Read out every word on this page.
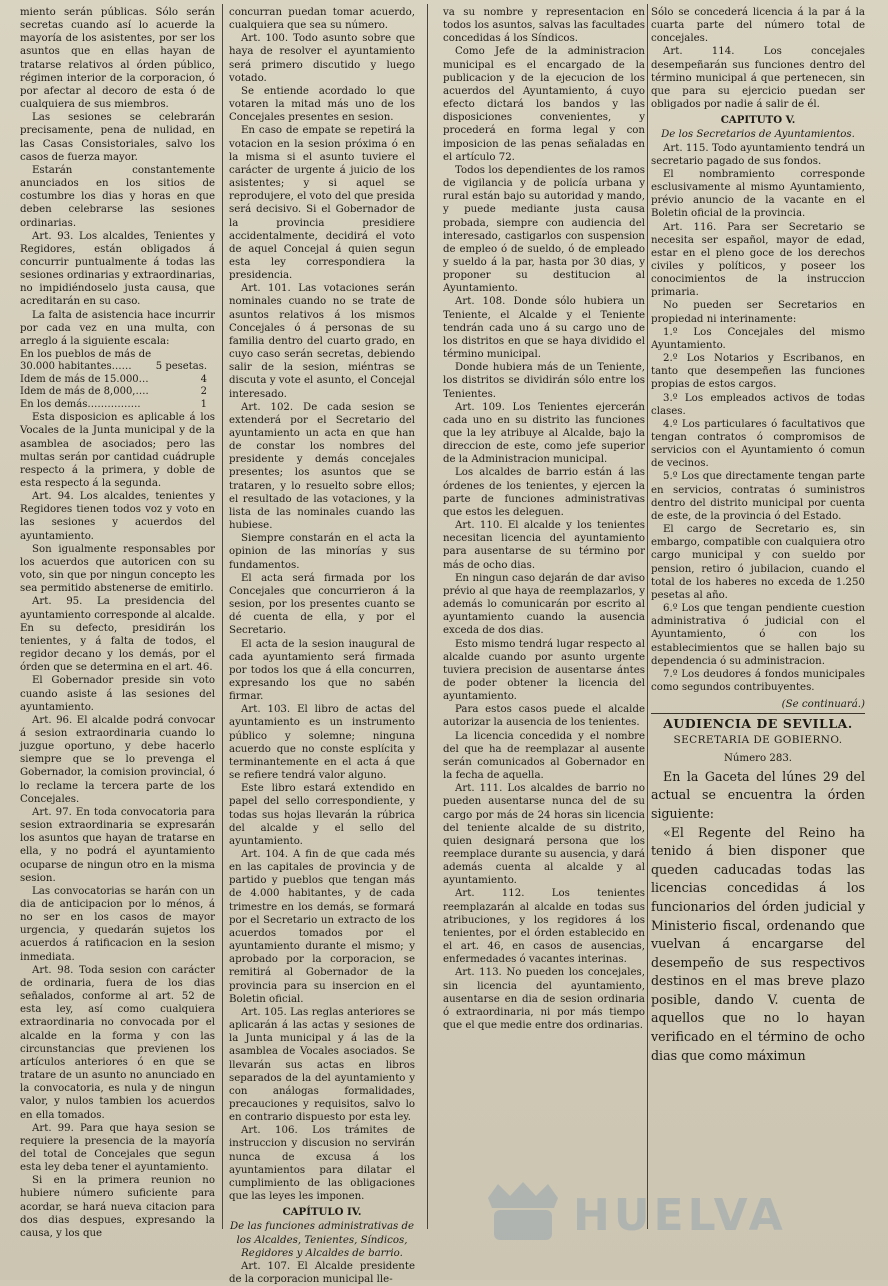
miento serán públicas. Sólo serán secretas cuando así lo acuerde la mayoría de los asistentes, por ser los asuntos que en ellas hayan de tratarse relativos al órden público, régimen interior de la corporacion, ó por afectar al decoro de esta ó de cualquiera de sus miembros.

Las sesiones se celebrarán precisamente, pena de nulidad, en las Casas Consistoriales, salvo los casos de fuerza mayor.

Estarán constantemente anunciados en los sitios de costumbre los dias y horas en que deben celebrarse las sesiones ordinarias.

Art. 93. Los alcaldes, Tenientes y Regidores, están obligados á concurrir puntualmente á todas las sesiones ordinarias y extraordinarias, no impidiéndoselo justa causa, que acreditarán en su caso.

La falta de asistencia hace incurrir por cada vez en una multa, con arreglo á la siguiente escala:

En los pueblos de más de

30.000 habitantes……	5 pesetas.
Idem de más de 15.000…	4
Idem de más de 8,000,….	2
En los demás…………….	1

Esta disposicion es aplicable á los Vocales de la Junta municipal y de la asamblea de asociados; pero las multas serán por cantidad cuádruple respecto á la primera, y doble de esta respecto á la segunda.

Art. 94. Los alcaldes, tenientes y Regidores tienen todos voz y voto en las sesiones y acuerdos del ayuntamiento.

Son igualmente responsables por los acuerdos que autoricen con su voto, sin que por ningun concepto les sea permitido abstenerse de emitirlo.

Art. 95. La presidencia del ayuntamiento corresponde al alcalde. En su defecto, presidirán los tenientes, y á falta de todos, el regidor decano y los demás, por el órden que se determina en el art. 46.

El Gobernador preside sin voto cuando asiste á las sesiones del ayuntamiento.

Art. 96. El alcalde podrá convocar á sesion extraordinaria cuando lo juzgue oportuno, y debe hacerlo siempre que se lo prevenga el Gobernador, la comision provincial, ó lo reclame la tercera parte de los Concejales.

Art. 97. En toda convocatoria para sesion extraordinaria se expresarán los asuntos que hayan de tratarse en ella, y no podrá el ayuntamiento ocuparse de ningun otro en la misma sesion.

Las convocatorias se harán con un dia de anticipacion por lo ménos, á no ser en los casos de mayor urgencia, y quedarán sujetos los acuerdos á ratificacion en la sesion inmediata.

Art. 98. Toda sesion con carácter de ordinaria, fuera de los dias señalados, conforme al art. 52 de esta ley, así como cualquiera extraordinaria no convocada por el alcalde en la forma y con las circunstancias que previenen los artículos anteriores ó en que se tratare de un asunto no anunciado en la convocatoria, es nula y de ningun valor, y nulos tambien los acuerdos en ella tomados.

Art. 99. Para que haya sesion se requiere la presencia de la mayoría del total de Concejales que segun esta ley deba tener el ayuntamiento.

Si en la primera reunion no hubiere número suficiente para acordar, se hará nueva citacion para dos dias despues, expresando la causa, y los que

concurran puedan tomar acuerdo, cualquiera que sea su número.

Art. 100. Todo asunto sobre que haya de resolver el ayuntamiento será primero discutido y luego votado.

Se entiende acordado lo que votaren la mitad más uno de los Concejales presentes en sesion.

En caso de empate se repetirá la votacion en la sesion próxima ó en la misma si el asunto tuviere el carácter de urgente á juicio de los asistentes; y si aquel se reprodujere, el voto del que presida será decisivo. Si el Gobernador de la provincia presidiere accidentalmente, decidirá el voto de aquel Concejal á quien segun esta ley correspondiera la presidencia.

Art. 101. Las votaciones serán nominales cuando no se trate de asuntos relativos á los mismos Concejales ó á personas de su familia dentro del cuarto grado, en cuyo caso serán secretas, debiendo salir de la sesion, miéntras se discuta y vote el asunto, el Concejal interesado.

Art. 102. De cada sesion se extenderá por el Secretario del ayuntamiento un acta en que han de constar los nombres del presidente y demás concejales presentes; los asuntos que se trataren, y lo resuelto sobre ellos; el resultado de las votaciones, y la lista de las nominales cuando las hubiese.

Siempre constarán en el acta la opinion de las minorías y sus fundamentos.

El acta será firmada por los Concejales que concurrieron á la sesion, por los presentes cuanto se dé cuenta de ella, y por el Secretario.

El acta de la sesion inaugural de cada ayuntamiento será firmada por todos los que á ella concurren, expresando los que no sabén firmar.

Art. 103. El libro de actas del ayuntamiento es un instrumento público y solemne; ninguna acuerdo que no conste esplícita y terminantemente en el acta á que se refiere tendrá valor alguno.

Este libro estará extendido en papel del sello correspondiente, y todas sus hojas llevarán la rúbrica del alcalde y el sello del ayuntamiento.

Art. 104. A fin de que cada més en las capitales de provincia y de partido y pueblos que tengan más de 4.000 habitantes, y de cada trimestre en los demás, se formará por el Secretario un extracto de los acuerdos tomados por el ayuntamiento durante el mismo; y aprobado por la corporacion, se remitirá al Gobernador de la provincia para su insercion en el Boletin oficial.

Art. 105. Las reglas anteriores se aplicarán á las actas y sesiones de la Junta municipal y á las de la asamblea de Vocales asociados. Se llevarán sus actas en libros separados de la del ayuntamiento y con análogas formalidades, precauciones y requisitos, salvo lo en contrario dispuesto por esta ley.

Art. 106. Los trámites de instruccion y discusion no servirán nunca de excusa á los ayuntamientos para dilatar el cumplimiento de las obligaciones que las leyes les imponen.

CAPÍTULO IV.

De las funciones administrativas de los Alcaldes, Tenientes, Síndicos, Regidores y Alcaldes de barrio.

Art. 107. El Alcalde presidente de la corporacion municipal lle-

va su nombre y representacion en todos los asuntos, salvas las facultades concedidas á los Síndicos.

Como Jefe de la administracion municipal es el encargado de la publicacion y de la ejecucion de los acuerdos del Ayuntamiento, á cuyo efecto dictará los bandos y las disposiciones convenientes, y procederá en forma legal y con imposicion de las penas señaladas en el artículo 72.

Todos los dependientes de los ramos de vigilancia y de policía urbana y rural están bajo su autoridad y mando, y puede mediante justa causa probada, siempre con audiencia del interesado, castigarlos con suspension de empleo ó de sueldo, ó de empleado y sueldo á la par, hasta por 30 dias, y proponer su destitucion al Ayuntamiento.

Art. 108. Donde sólo hubiera un Teniente, el Alcalde y el Teniente tendrán cada uno á su cargo uno de los distritos en que se haya dividido el término municipal.

Donde hubiera más de un Teniente, los distritos se dividirán sólo entre los Tenientes.

Art. 109. Los Tenientes ejercerán cada uno en su distrito las funciones que la ley atribuye al Alcalde, bajo la direccion de este, como jefe superior de la Administracion municipal.

Los alcaldes de barrio están á las órdenes de los tenientes, y ejercen la parte de funciones administrativas que estos les deleguen.

Art. 110. El alcalde y los tenientes necesitan licencia del ayuntamiento para ausentarse de su término por más de ocho dias.

En ningun caso dejarán de dar aviso prévio al que haya de reemplazarlos, y además lo comunicarán por escrito al ayuntamiento cuando la ausencia exceda de dos dias.

Esto mismo tendrá lugar respecto al alcalde cuando por asunto urgente tuviera precision de ausentarse ántes de poder obtener la licencia del ayuntamiento.

Para estos casos puede el alcalde autorizar la ausencia de los tenientes.

La licencia concedida y el nombre del que ha de reemplazar al ausente serán comunicados al Gobernador en la fecha de aquella.

Art. 111. Los alcaldes de barrio no pueden ausentarse nunca del de su cargo por más de 24 horas sin licencia del teniente alcalde de su distrito, quien designará persona que los reemplace durante su ausencia, y dará además cuenta al alcalde y al ayuntamiento.

Art. 112. Los tenientes reemplazarán al alcalde en todas sus atribuciones, y los regidores á los tenientes, por el órden establecido en el art. 46, en casos de ausencias, enfermedades ó vacantes interinas.

Art. 113. No pueden los concejales, sin licencia del ayuntamiento, ausentarse en dia de sesion ordinaria ó extraordinaria, ni por más tiempo que el que medie entre dos ordinarias.

Sólo se concederá licencia á la par á la cuarta parte del número total de concejales.

Art. 114. Los concejales desempeñarán sus funciones dentro del término municipal á que pertenecen, sin que para su ejercicio puedan ser obligados por nadie á salir de él.

CAPITUTO V.

De los Secretarios de Ayuntamientos.

Art. 115. Todo ayuntamiento tendrá un secretario pagado de sus fondos.

El nombramiento corresponde esclusivamente al mismo Ayuntamiento, prévio anuncio de la vacante en el Boletin oficial de la provincia.

Art. 116. Para ser Secretario se necesita ser español, mayor de edad, estar en el pleno goce de los derechos civiles y políticos, y poseer los conocimientos de la instruccion primaria.

No pueden ser Secretarios en propiedad ni interinamente:

1.º Los Concejales del mismo Ayuntamiento.

2.º Los Notarios y Escribanos, en tanto que desempeñen las funciones propias de estos cargos.

3.º Los empleados activos de todas clases.

4.º Los particulares ó facultativos que tengan contratos ó compromisos de servicios con el Ayuntamiento ó comun de vecinos.

5.º Los que directamente tengan parte en servicios, contratas ó suministros dentro del distrito municipal por cuenta de este, de la provincia ó del Estado.

El cargo de Secretario es, sin embargo, compatible con cualquiera otro cargo municipal y con sueldo por pension, retiro ó jubilacion, cuando el total de los haberes no exceda de 1.250 pesetas al año.

6.º Los que tengan pendiente cuestion administrativa ó judicial con el Ayuntamiento, ó con los establecimientos que se hallen bajo su dependencia ó su administracion.

7.º Los deudores á fondos municipales como segundos contribuyentes.

(Se continuará.)

AUDIENCIA DE SEVILLA.

SECRETARIA DE GOBIERNO.

Número 283.

En la Gaceta del lúnes 29 del actual se encuentra la órden siguiente:

«El Regente del Reino ha tenido á bien disponer que queden caducadas todas las licencias concedidas á los funcionarios del órden judicial y Ministerio fiscal, ordenando que vuelvan á encargarse del desempeño de sus respectivos destinos en el mas breve plazo posible, dando V. cuenta de aquellos que no lo hayan verificado en el término de ocho dias que como máximun

HUELVA
